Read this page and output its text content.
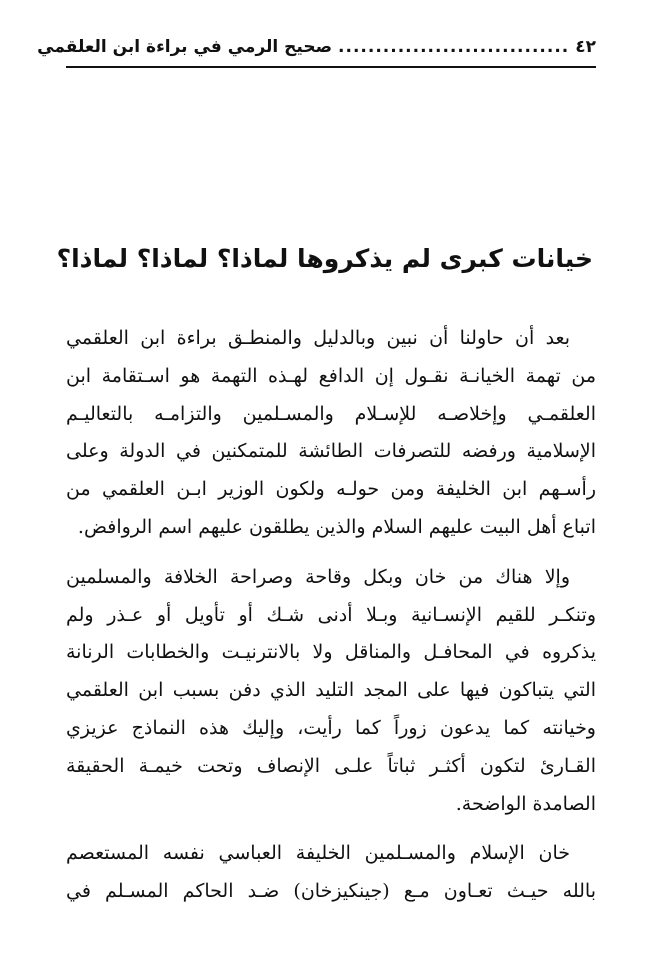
٤٢
...............................
صحيح الرمي في براءة ابن العلقمي
خيانات كبرى لم يذكروها لماذا؟ لماذا؟ لماذا؟

بعد أن حاولنا أن نبين وبالدليل والمنطـق براءة ابن العلقمي
من تهمة الخيانـة نقـول إن الدافع لهـذه التهمة هو اسـتقامة ابن
العلقمـي وإخلاصـه للإسـلام والمسـلمين والتزامـه بالتعاليـم
الإسلامية ورفضه للتصرفات الطائشة للمتمكنين في الدولة وعلى
رأسـهم ابن الخليفة ومن حولـه ولكون الوزير ابـن العلقمي من
اتباع أهل البيت عليهم السلام والذين يطلقون عليهم اسم الروافض.

وإلا هناك من خان وبكل وقاحة وصراحة الخلافة والمسلمين
وتنكـر للقيم الإنسـانية وبـلا أدنى شـك أو تأويل أو عـذر ولم
يذكروه في المحافـل والمناقل ولا بالانترنيـت والخطابات الرنانة
التي يتباكون فيها على المجد التليد الذي دفن بسبب ابن العلقمي
وخيانته كما يدعون زوراً كما رأيت، وإليك هذه النماذج عزيزي
القـارئ لتكون أكثـر ثباتاً علـى الإنصاف وتحت خيمـة الحقيقة
الصامدة الواضحة.

خان الإسلام والمسـلمين الخليفة العباسي نفسه المستعصم
بالله حيـث تعـاون مـع (جينكيزخان) ضـد الحاكم المسـلم في
